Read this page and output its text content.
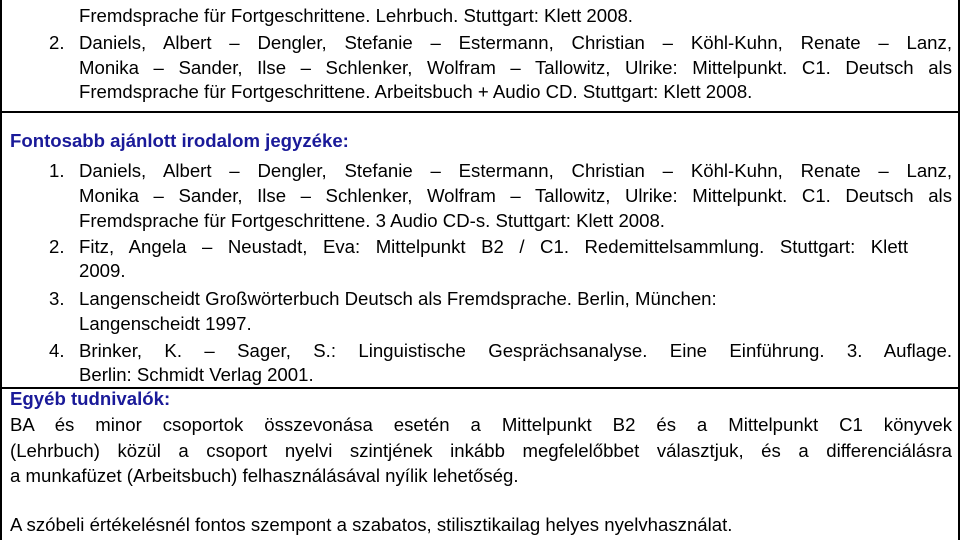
Fremdsprache für Fortgeschrittene. Lehrbuch. Stuttgart: Klett 2008.
2. Daniels, Albert – Dengler, Stefanie – Estermann, Christian – Köhl-Kuhn, Renate – Lanz,
Monika – Sander, Ilse – Schlenker, Wolfram – Tallowitz, Ulrike: Mittelpunkt. C1. Deutsch als
Fremdsprache für Fortgeschrittene. Arbeitsbuch + Audio CD. Stuttgart: Klett 2008.
Fontosabb ajánlott irodalom jegyzéke:
1. Daniels, Albert – Dengler, Stefanie – Estermann, Christian – Köhl-Kuhn, Renate – Lanz,
Monika – Sander, Ilse – Schlenker, Wolfram – Tallowitz, Ulrike: Mittelpunkt. C1. Deutsch als
Fremdsprache für Fortgeschrittene. 3 Audio CD-s. Stuttgart: Klett 2008.
2. Fitz, Angela – Neustadt, Eva: Mittelpunkt B2 / C1. Redemittelsammlung. Stuttgart: Klett
2009.
3. Langenscheidt Großwörterbuch Deutsch als Fremdsprache. Berlin, München:
Langenscheidt 1997.
4. Brinker, K. – Sager, S.: Linguistische Gesprächsanalyse. Eine Einführung. 3. Auflage.
Berlin: Schmidt Verlag 2001.
Egyéb tudnivalók:
BA és minor csoportok összevonása esetén a Mittelpunkt B2 és a Mittelpunkt C1 könyvek
(Lehrbuch) közül a csoport nyelvi szintjének inkább megfelelőbbet választjuk, és a differenciálásra
a munkafüzet (Arbeitsbuch) felhasználásával nyílik lehetőség.
A szóbeli értékelésnél fontos szempont a szabatos, stilisztikailag helyes nyelvhasználat.
